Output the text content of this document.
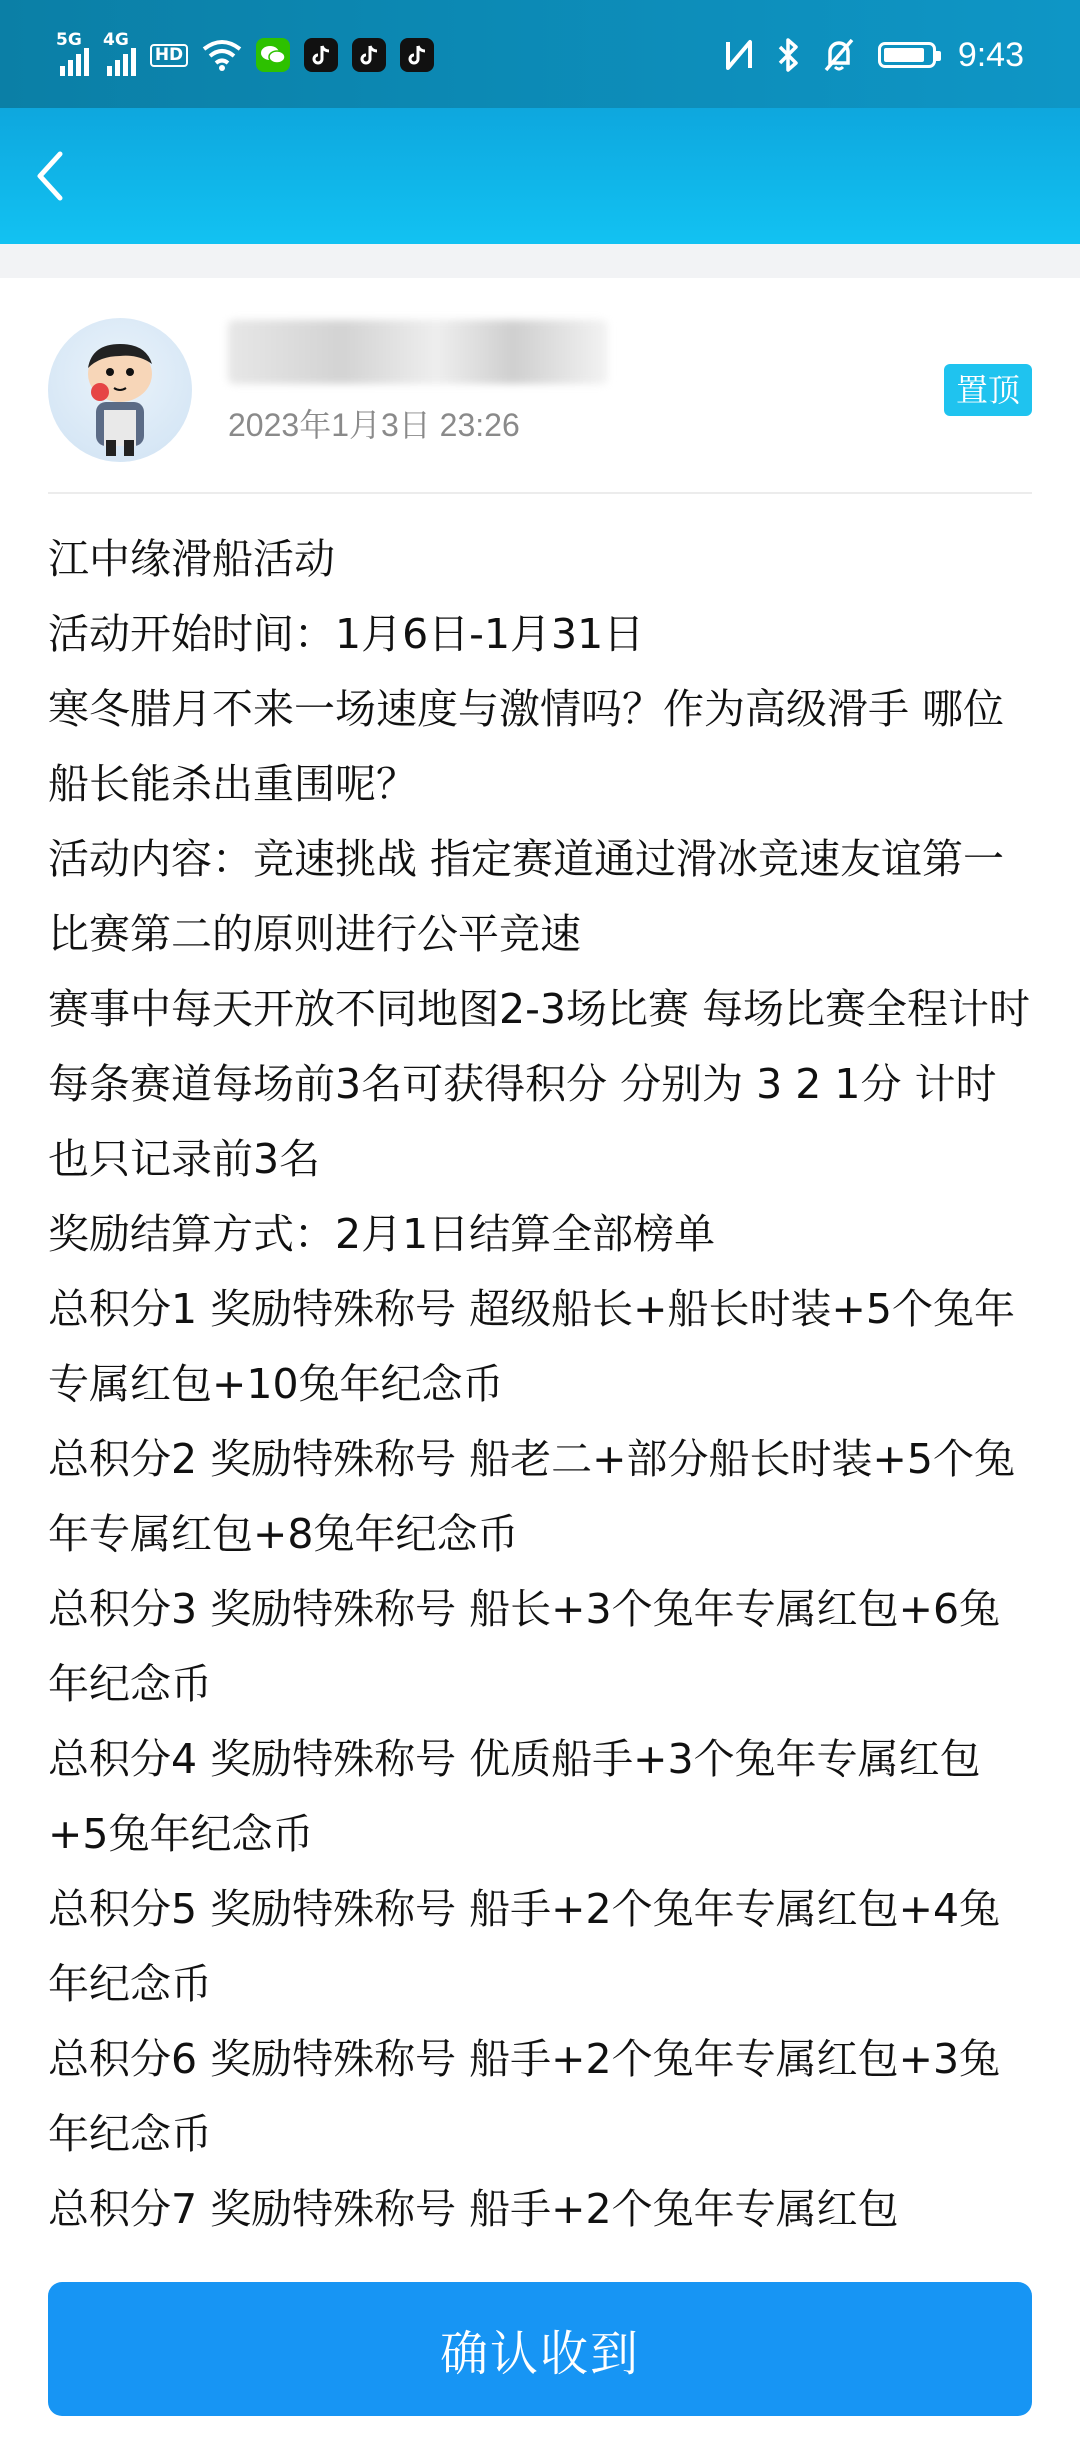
5G 4G
HD	9:43
2023年1月3日 23:26
置顶

江中缘滑船活动

活动开始时间：1月6日-1月31日

寒冬腊月不来一场速度与激情吗？作为高级滑手 哪位船长能杀出重围呢？

活动内容：竞速挑战 指定赛道通过滑冰竞速友谊第一 比赛第二的原则进行公平竞速

赛事中每天开放不同地图2-3场比赛 每场比赛全程计时 每条赛道每场前3名可获得积分 分别为 3 2 1分 计时也只记录前3名

奖励结算方式：2月1日结算全部榜单

总积分1 奖励特殊称号 超级船长+船长时装+5个兔年专属红包+10兔年纪念币

总积分2 奖励特殊称号 船老二+部分船长时装+5个兔年专属红包+8兔年纪念币

总积分3 奖励特殊称号 船长+3个兔年专属红包+6兔年纪念币

总积分4 奖励特殊称号 优质船手+3个兔年专属红包+5兔年纪念币

总积分5 奖励特殊称号 船手+2个兔年专属红包+4兔年纪念币

总积分6 奖励特殊称号 船手+2个兔年专属红包+3兔年纪念币

总积分7 奖励特殊称号 船手+2个兔年专属红包

确认收到
